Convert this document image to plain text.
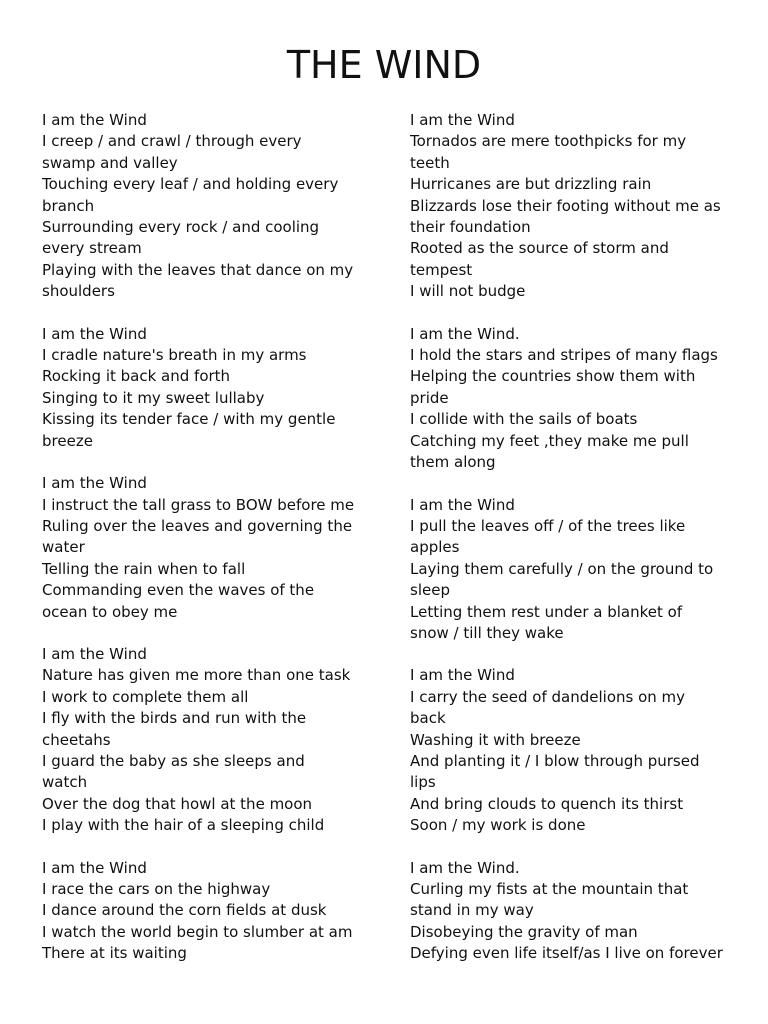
THE WIND
I am the Wind
I creep / and crawl / through every
swamp and valley
Touching every leaf / and holding every
branch
Surrounding every rock / and cooling
every stream
Playing with the leaves that dance on my
shoulders
I am the Wind
I cradle nature's breath in my arms
Rocking it back and forth
Singing to it my sweet lullaby
Kissing its tender face / with my gentle
breeze
I am the Wind
I instruct the tall grass to BOW before me
Ruling over the leaves and governing the
water
Telling the rain when to fall
Commanding even the waves of the
ocean to obey me
I am the Wind
Nature has given me more than one task
I work to complete them all
I fly with the birds and run with the
cheetahs
I guard the baby as she sleeps and
watch
Over the dog that howl at the moon
I play with the hair of a sleeping child
I am the Wind
I race the cars on the highway
I dance around the corn fields at dusk
I watch the world begin to slumber at am
There at its waiting
I am the Wind
Tornados are mere toothpicks for my
teeth
Hurricanes are but drizzling rain
Blizzards lose their footing without me as
their foundation
Rooted as the source of storm and
tempest
I will not budge
I am the Wind.
I hold the stars and stripes of many flags
Helping the countries show them with
pride
I collide with the sails of boats
Catching my feet ,they make me pull
them along
I am the Wind
I pull the leaves off / of the trees like
apples
Laying them carefully / on the ground to
sleep
Letting them rest under a blanket of
snow / till they wake
I am the Wind
I carry the seed of dandelions on my
back
Washing it with breeze
And planting it / I blow through pursed
lips
And bring clouds to quench its thirst
Soon / my work is done
I am the Wind.
Curling my fists at the mountain that
stand in my way
Disobeying the gravity of man
Defying even life itself/as I live on forever
